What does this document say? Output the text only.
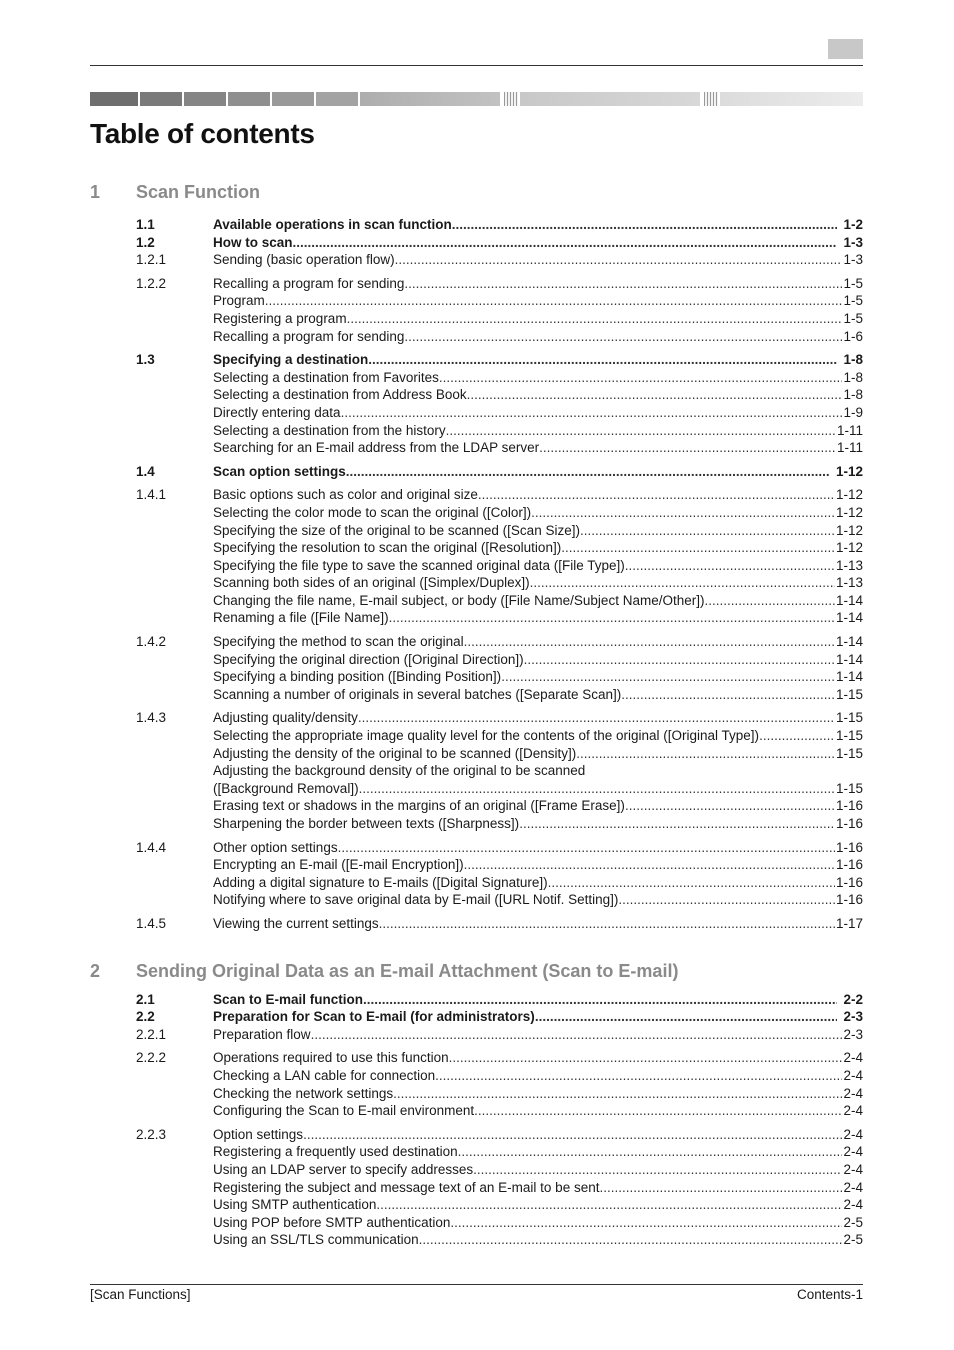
Table of contents
1	Scan Function
1.1	Available operations in scan function .....	1-2
1.2	How to scan .....	1-3
1.2.1	Sending (basic operation flow) .....	1-3
1.2.2	Recalling a program for sending .....	1-5
Program .....	1-5
Registering a program .....	1-5
Recalling a program for sending .....	1-6
1.3	Specifying a destination .....	1-8
Selecting a destination from Favorites .....	1-8
Selecting a destination from Address Book .....	1-8
Directly entering data .....	1-9
Selecting a destination from the history .....	1-11
Searching for an E-mail address from the LDAP server .....	1-11
1.4	Scan option settings .....	1-12
1.4.1	Basic options such as color and original size .....	1-12
Selecting the color mode to scan the original ([Color]) .....	1-12
Specifying the size of the original to be scanned ([Scan Size]) .....	1-12
Specifying the resolution to scan the original ([Resolution]) .....	1-12
Specifying the file type to save the scanned original data ([File Type]) .....	1-13
Scanning both sides of an original ([Simplex/Duplex]) .....	1-13
Changing the file name, E-mail subject, or body ([File Name/Subject Name/Other]) .....	1-14
Renaming a file ([File Name]) .....	1-14
1.4.2	Specifying the method to scan the original .....	1-14
Specifying the original direction ([Original Direction]) .....	1-14
Specifying a binding position ([Binding Position]) .....	1-14
Scanning a number of originals in several batches ([Separate Scan]) .....	1-15
1.4.3	Adjusting quality/density .....	1-15
Selecting the appropriate image quality level for the contents of the original ([Original Type]) .....	1-15
Adjusting the density of the original to be scanned ([Density]) .....	1-15
Adjusting the background density of the original to be scanned
([Background Removal]) .....	1-15
Erasing text or shadows in the margins of an original ([Frame Erase]) .....	1-16
Sharpening the border between texts ([Sharpness]) .....	1-16
1.4.4	Other option settings .....	1-16
Encrypting an E-mail ([E-mail Encryption]) .....	1-16
Adding a digital signature to E-mails ([Digital Signature]) .....	1-16
Notifying where to save original data by E-mail ([URL Notif. Setting]) .....	1-16
1.4.5	Viewing the current settings .....	1-17
2	Sending Original Data as an E-mail Attachment (Scan to E-mail)
2.1	Scan to E-mail function .....	2-2
2.2	Preparation for Scan to E-mail (for administrators) .....	2-3
2.2.1	Preparation flow .....	2-3
2.2.2	Operations required to use this function .....	2-4
Checking a LAN cable for connection .....	2-4
Checking the network settings .....	2-4
Configuring the Scan to E-mail environment .....	2-4
2.2.3	Option settings .....	2-4
Registering a frequently used destination .....	2-4
Using an LDAP server to specify addresses .....	2-4
Registering the subject and message text of an E-mail to be sent .....	2-4
Using SMTP authentication .....	2-4
Using POP before SMTP authentication .....	2-5
Using an SSL/TLS communication .....	2-5
[Scan Functions]	Contents-1
